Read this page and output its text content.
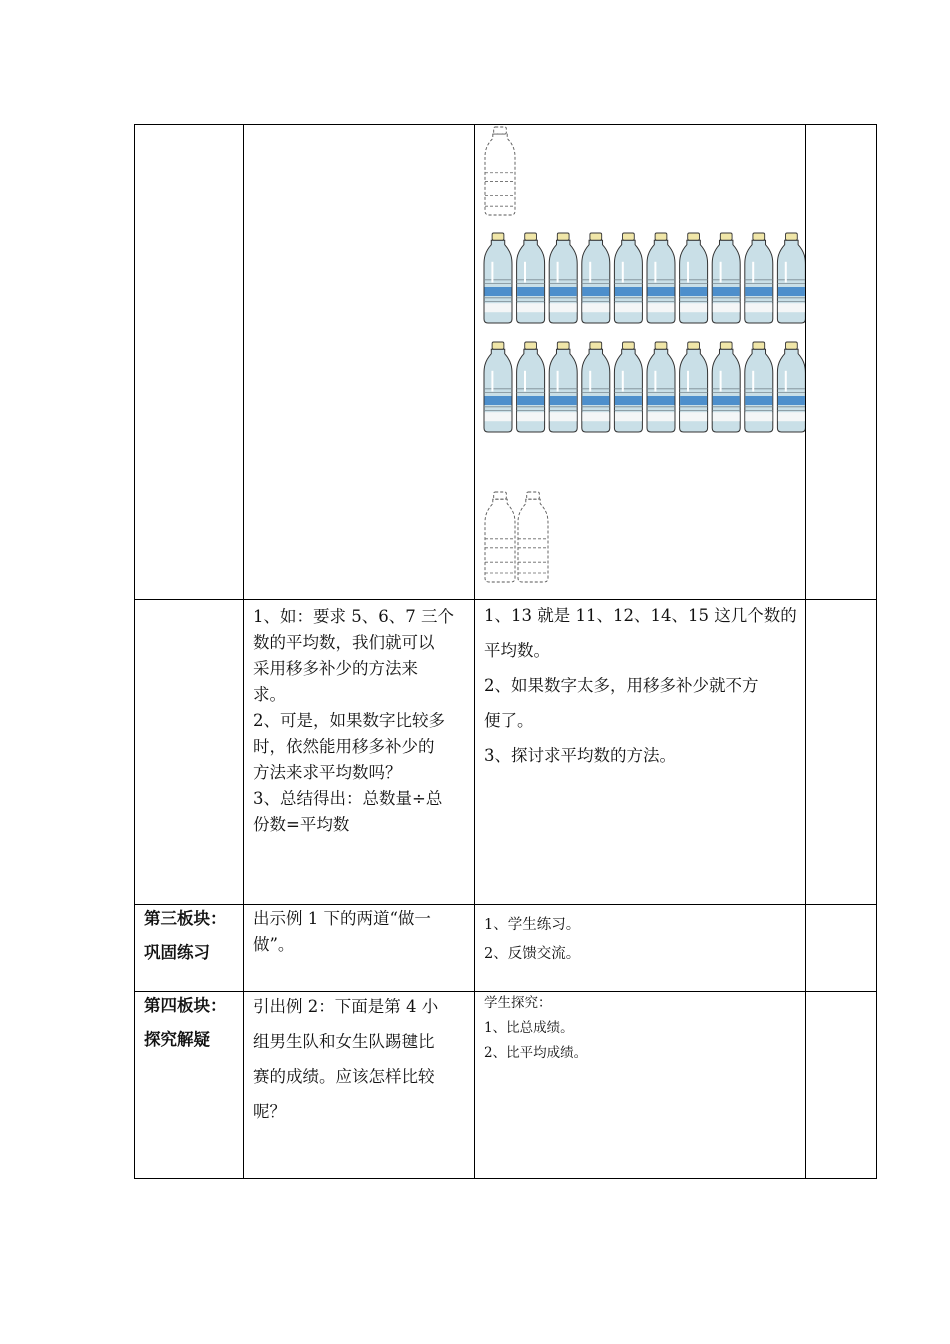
1、如：要求 5、6、7 三个
数的平均数，我们就可以
采用移多补少的方法来
求。
2、可是，如果数字比较多
时，依然能用移多补少的
方法来求平均数吗？
3、总结得出：总数量÷总
份数=平均数
1、13 就是 11、12、14、15 这几个数的
平均数。
2、如果数字太多，用移多补少就不方
便了。
3、探讨求平均数的方法。
第三板块：
巩固练习
出示例 1 下的两道“做一
做”。
1、学生练习。
2、反馈交流。
第四板块：
探究解疑
引出例 2：下面是第 4 小
组男生队和女生队踢毽比
赛的成绩。应该怎样比较
呢？
学生探究：
1、比总成绩。
2、比平均成绩。
